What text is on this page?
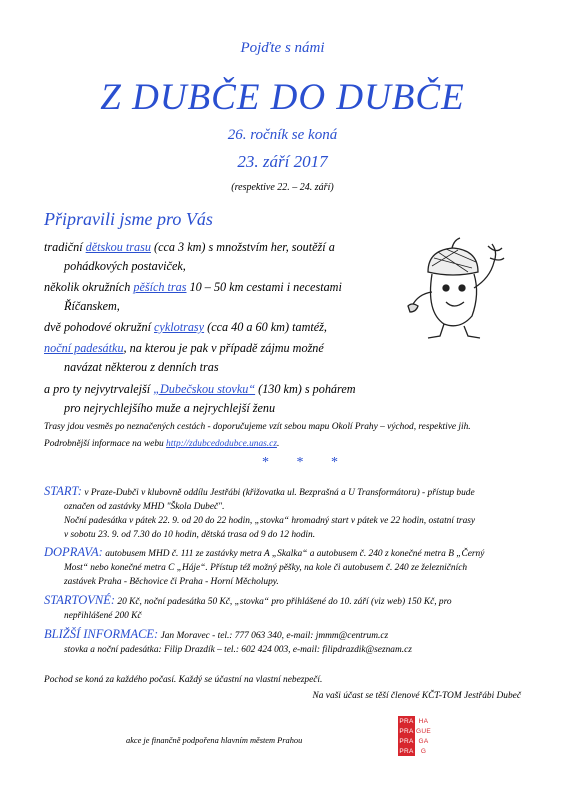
Pojďte s námi
Z DUBČE DO DUBČE
26. ročník se koná
23. září 2017
(respektive 22. – 24. září)
Připravili jsme pro Vás
tradiční dětskou trasu (cca 3 km) s množstvím her, soutěží a
pohádkových postaviček,
několik okružních pěších tras 10 – 50 km cestami i necestami
Říčanskem,
dvě pohodové okružní cyklotrasy (cca 40 a 60 km) tamtéž,
noční padesátku, na kterou je pak v případě zájmu možné
navázat některou z denních tras
a pro ty nejvytrvalejší „Dubečskou stovku“ (130 km) s pohárem
pro nejrychlejšího muže a nejrychlejší ženu
Trasy jdou vesměs po neznačených cestách - doporučujeme vzít sebou mapu Okolí Prahy – východ, respektive jih.
Podrobnější informace na webu http://zdubcedodubce.unas.cz.
* * *
START: v Praze-Dubči v klubovně oddílu Jestřábi (křižovatka ul. Bezprašná a U Transformátoru) - přístup bude
označen od zastávky MHD "Škola Dubeč".
Noční padesátka v pátek 22. 9. od 20 do 22 hodin, „stovka“ hromadný start v pátek ve 22 hodin, ostatní trasy
v sobotu 23. 9. od 7.30 do 10 hodin, dětská trasa od 9 do 12 hodin.
DOPRAVA: autobusem MHD č. 111 ze zastávky metra A „Skalka“ a autobusem č. 240 z konečné metra B „Černý
Most“ nebo konečné metra C „Háje“. Přístup též možný pěšky, na kole či autobusem č. 240 ze železničních
zastávek Praha - Běchovice či Praha - Horní Měcholupy.
STARTOVNÉ: 20 Kč, noční padesátka 50 Kč, „stovka“ pro přihlášené do 10. září (viz web) 150 Kč, pro
nepřihlášené 200 Kč
BLIŽŠÍ INFORMACE: Jan Moravec - tel.: 777 063 340, e-mail: jmmm@centrum.cz
stovka a noční padesátka: Filip Drazdík – tel.: 602 424 003, e-mail: filipdrazdik@seznam.cz
Pochod se koná za každého počasí. Každý se účastní na vlastní nebezpečí.
Na vaši účast se těší členové KČT-TOM Jestřábi Dubeč
akce je finančně podpořena hlavním městem Prahou
PRA HA
PRA GUE
PRA GA
PRA	G
